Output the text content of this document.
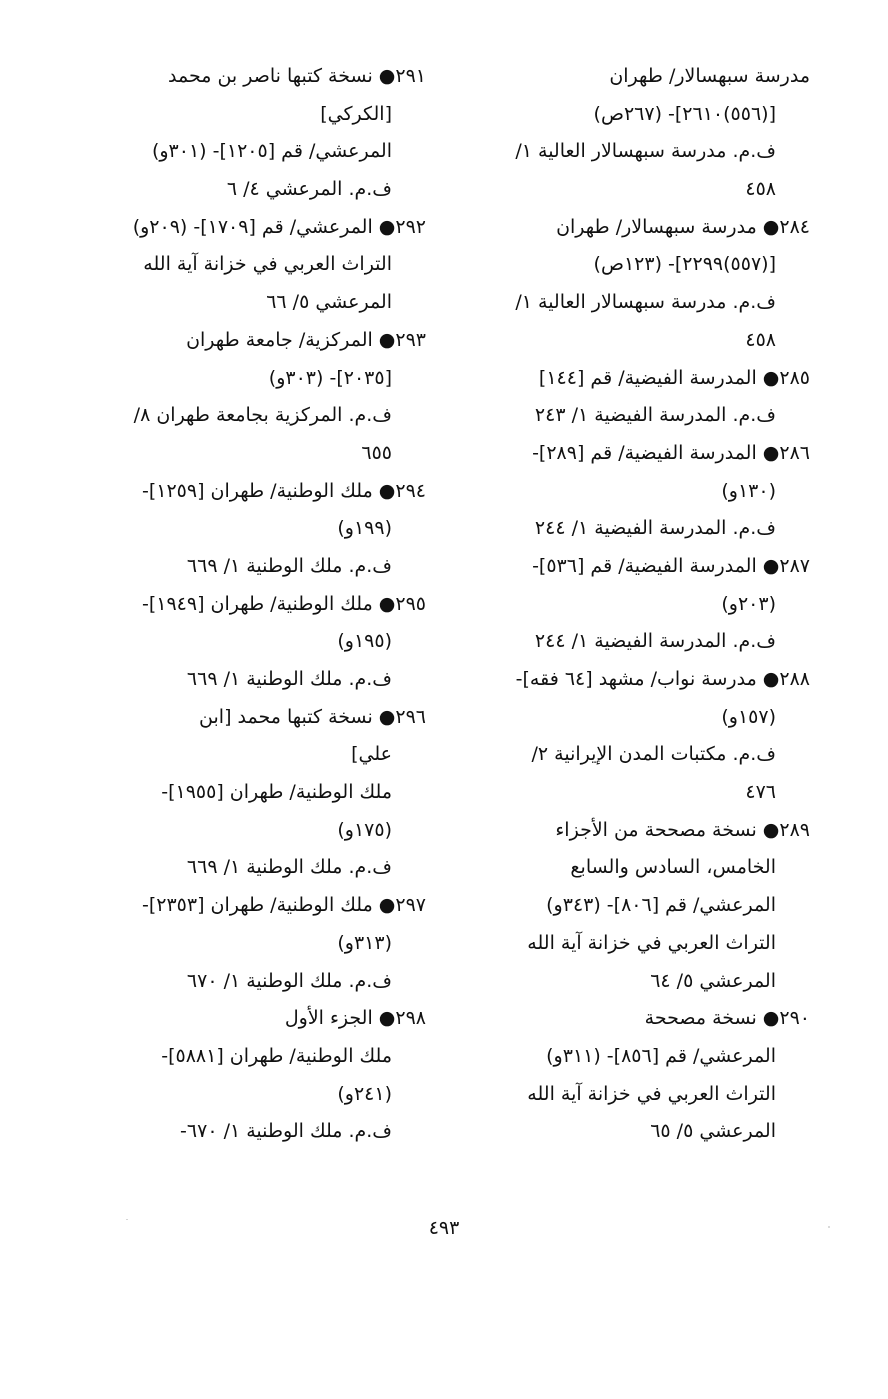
مدرسة سبهسالار/ طهران
[(٥٥٦)٢٦١٠]- (٢٦٧ص)
ف.م. مدرسة سبهسالار العالية ١/
٤٥٨
٢٨٤● مدرسة سبهسالار/ طهران
[(٥٥٧)٢٢٩٩]- (١٢٣ص)
ف.م. مدرسة سبهسالار العالية ١/
٤٥٨
٢٨٥● المدرسة الفيضية/ قم [١٤٤]
ف.م. المدرسة الفيضية ١/ ٢٤٣
٢٨٦● المدرسة الفيضية/ قم [٢٨٩]-
(١٣٠و)
ف.م. المدرسة الفيضية ١/ ٢٤٤
٢٨٧● المدرسة الفيضية/ قم [٥٣٦]-
(٢٠٣و)
ف.م. المدرسة الفيضية ١/ ٢٤٤
٢٨٨● مدرسة نواب/ مشهد [٦٤ فقه]-
(١٥٧و)
ف.م. مكتبات المدن الإيرانية ٢/
٤٧٦
٢٨٩● نسخة مصححة من الأجزاء
الخامس، السادس والسابع
المرعشي/ قم [٨٠٦]- (٣٤٣و)
التراث العربي في خزانة آية الله
المرعشي ٥/ ٦٤
٢٩٠● نسخة مصححة
المرعشي/ قم [٨٥٦]- (٣١١و)
التراث العربي في خزانة آية الله
المرعشي ٥/ ٦٥
٢٩١● نسخة كتبها ناصر بن محمد
[الكركي]
المرعشي/ قم [١٢٠٥]- (٣٠١و)
ف.م. المرعشي ٤/ ٦
٢٩٢● المرعشي/ قم [١٧٠٩]- (٢٠٩و)
التراث العربي في خزانة آية الله
المرعشي ٥/ ٦٦
٢٩٣● المركزية/ جامعة طهران
[٢٠٣٥]- (٣٠٣و)
ف.م. المركزية بجامعة طهران ٨/
٦٥٥
٢٩٤● ملك الوطنية/ طهران [١٢٥٩]-
(١٩٩و)
ف.م. ملك الوطنية ١/ ٦٦٩
٢٩٥● ملك الوطنية/ طهران [١٩٤٩]-
(١٩٥و)
ف.م. ملك الوطنية ١/ ٦٦٩
٢٩٦● نسخة كتبها محمد [ابن
علي]
ملك الوطنية/ طهران [١٩٥٥]-
(١٧٥و)
ف.م. ملك الوطنية ١/ ٦٦٩
٢٩٧● ملك الوطنية/ طهران [٢٣٥٣]-
(٣١٣و)
ف.م. ملك الوطنية ١/ ٦٧٠
٢٩٨● الجزء الأول
ملك الوطنية/ طهران [٥٨٨١]-
(٢٤١و)
ف.م. ملك الوطنية ١/ ٦٧٠-
٤٩٣
